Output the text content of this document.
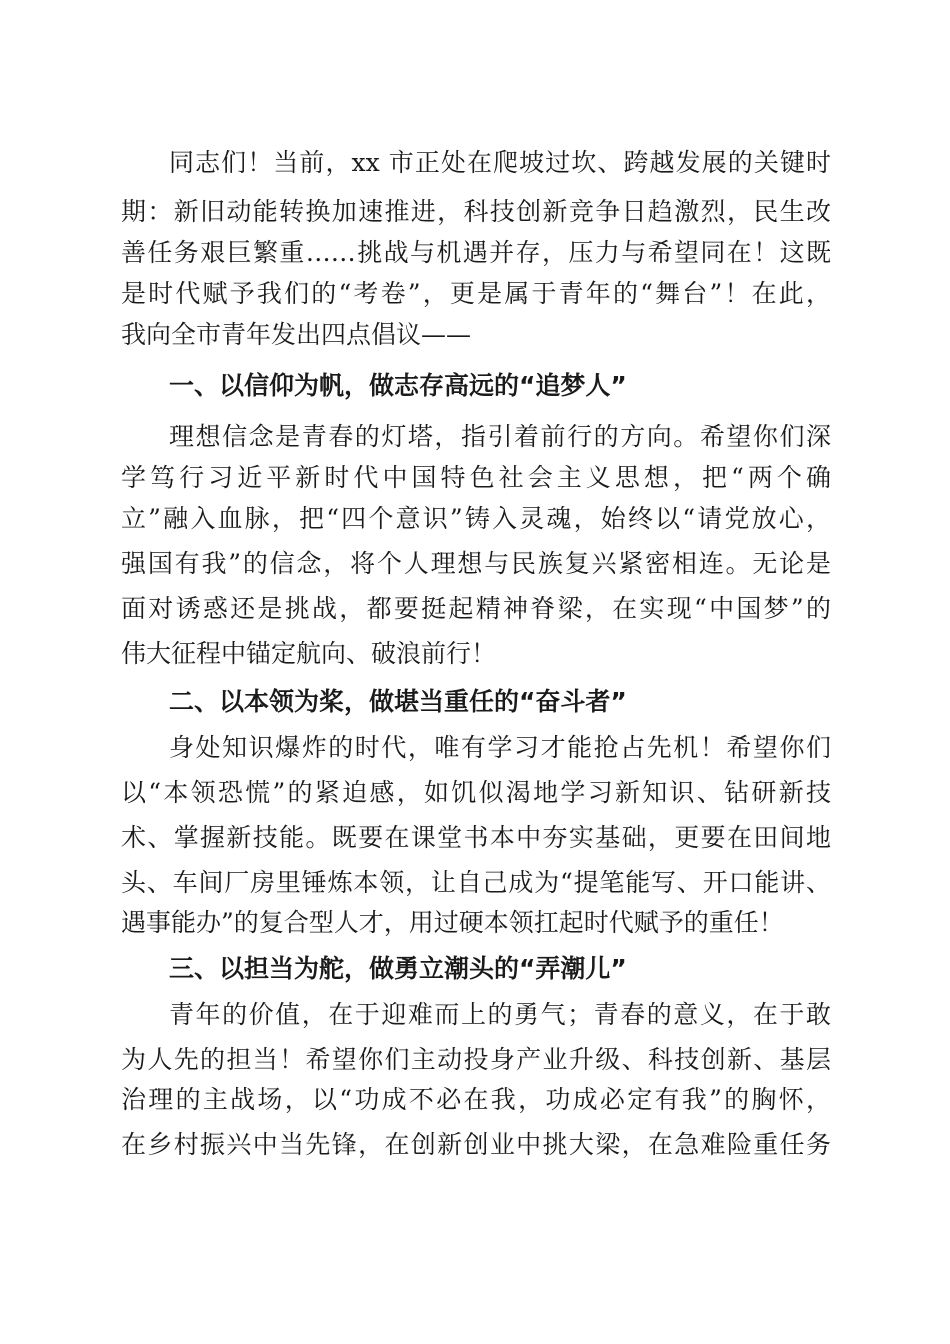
同志们！当前，xx 市正处在爬坡过坎、跨越发展的关键时
期：新旧动能转换加速推进，科技创新竞争日趋激烈，民生改
善任务艰巨繁重……挑战与机遇并存，压力与希望同在！这既
是时代赋予我们的“考卷”，更是属于青年的“舞台”！在此，
我向全市青年发出四点倡议——
一、以信仰为帆，做志存高远的“追梦人”
理想信念是青春的灯塔，指引着前行的方向。希望你们深
学笃行习近平新时代中国特色社会主义思想，把“两个确
立”融入血脉，把“四个意识”铸入灵魂，始终以“请党放心，
强国有我”的信念，将个人理想与民族复兴紧密相连。无论是
面对诱惑还是挑战，都要挺起精神脊梁，在实现“中国梦”的
伟大征程中锚定航向、破浪前行！
二、以本领为桨，做堪当重任的“奋斗者”
身处知识爆炸的时代，唯有学习才能抢占先机！希望你们
以“本领恐慌”的紧迫感，如饥似渴地学习新知识、钻研新技
术、掌握新技能。既要在课堂书本中夯实基础，更要在田间地
头、车间厂房里锤炼本领，让自己成为“提笔能写、开口能讲、
遇事能办”的复合型人才，用过硬本领扛起时代赋予的重任！
三、以担当为舵，做勇立潮头的“弄潮儿”
青年的价值，在于迎难而上的勇气；青春的意义，在于敢
为人先的担当！希望你们主动投身产业升级、科技创新、基层
治理的主战场，以“功成不必在我，功成必定有我”的胸怀，
在乡村振兴中当先锋，在创新创业中挑大梁，在急难险重任务
